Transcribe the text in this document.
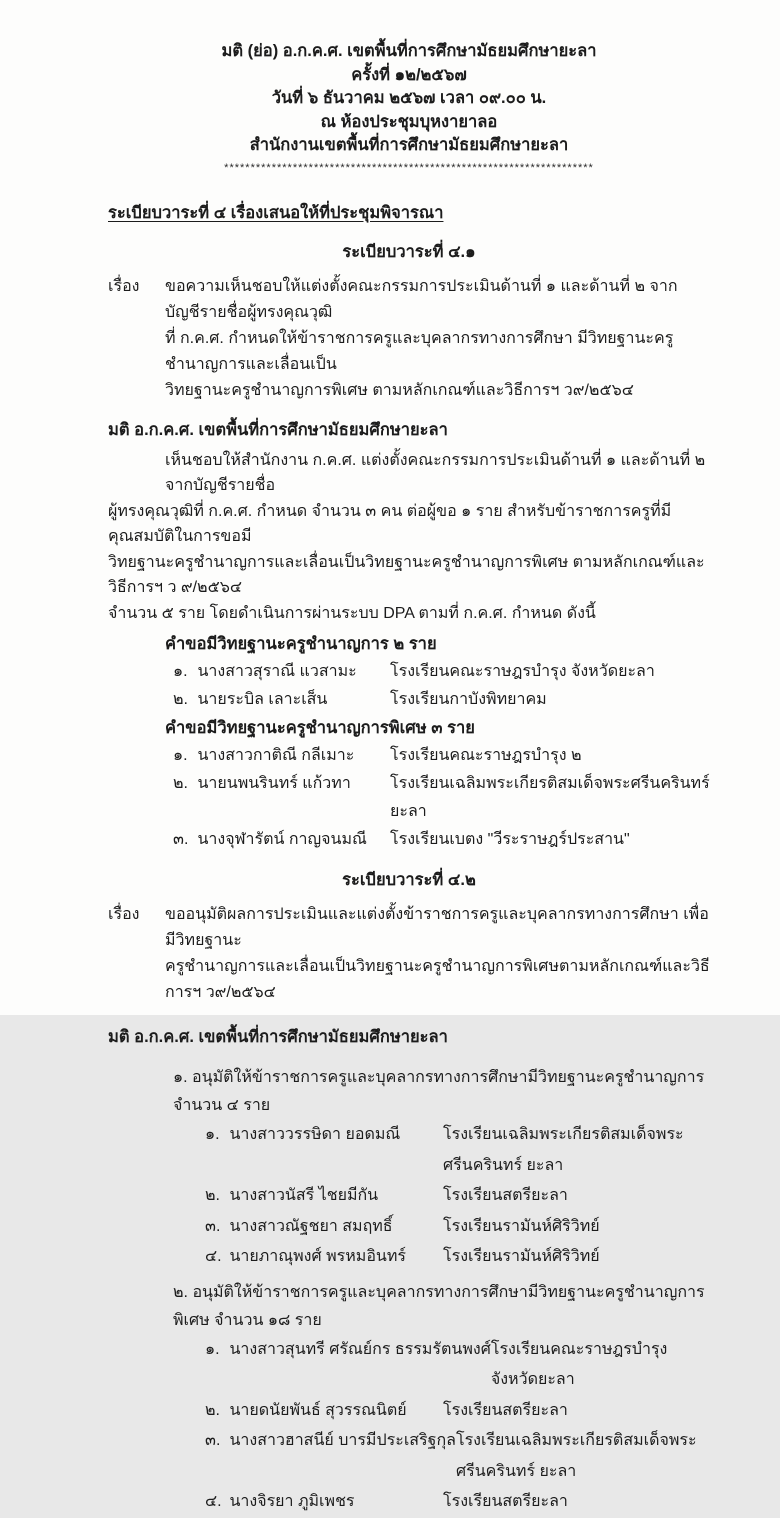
มติ (ย่อ) อ.ก.ค.ศ. เขตพื้นที่การศึกษามัธยมศึกษายะลา
ครั้งที่ ๑๒/๒๕๖๗
วันที่ ๖ ธันวาคม ๒๕๖๗ เวลา ๐๙.๐๐ น.
ณ ห้องประชุมบุหงายาลอ
สำนักงานเขตพื้นที่การศึกษามัธยมศึกษายะลา
**********************************************************************
ระเบียบวาระที่ ๔ เรื่องเสนอให้ที่ประชุมพิจารณา
ระเบียบวาระที่ ๔.๑
เรื่อง	ขอความเห็นชอบให้แต่งตั้งคณะกรรมการประเมินด้านที่ ๑ และด้านที่ ๒ จากบัญชีรายชื่อผู้ทรงคุณวุฒิ
ที่ ก.ค.ศ. กำหนดให้ข้าราชการครูและบุคลากรทางการศึกษา มีวิทยฐานะครูชำนาญการและเลื่อนเป็น
วิทยฐานะครูชำนาญการพิเศษ ตามหลักเกณฑ์และวิธีการฯ ว๙/๒๕๖๔
มติ อ.ก.ค.ศ. เขตพื้นที่การศึกษามัธยมศึกษายะลา
เห็นชอบให้สำนักงาน ก.ค.ศ. แต่งตั้งคณะกรรมการประเมินด้านที่ ๑ และด้านที่ ๒ จากบัญชีรายชื่อ
ผู้ทรงคุณวุฒิที่ ก.ค.ศ. กำหนด จำนวน ๓ คน ต่อผู้ขอ ๑ ราย สำหรับข้าราชการครูที่มีคุณสมบัติในการขอมี
วิทยฐานะครูชำนาญการและเลื่อนเป็นวิทยฐานะครูชำนาญการพิเศษ ตามหลักเกณฑ์และวิธีการฯ ว ๙/๒๕๖๔
จำนวน ๕ ราย โดยดำเนินการผ่านระบบ DPA ตามที่ ก.ค.ศ. กำหนด ดังนี้
คำขอมีวิทยฐานะครูชำนาญการ ๒ ราย
๑. นางสาวสุราณี แวสามะ	โรงเรียนคณะราษฎรบำรุง จังหวัดยะลา
๒. นายระบิล เลาะเส็น	โรงเรียนกาบังพิทยาคม
คำขอมีวิทยฐานะครูชำนาญการพิเศษ ๓ ราย
๑. นางสาวกาติณี กลีเมาะ	โรงเรียนคณะราษฎรบำรุง ๒
๒. นายนพนรินทร์ แก้วทา	โรงเรียนเฉลิมพระเกียรติสมเด็จพระศรีนครินทร์ ยะลา
๓. นางจุฬารัตน์ กาญจนมณี	โรงเรียนเบตง "วีระราษฎร์ประสาน"
ระเบียบวาระที่ ๔.๒
เรื่อง	ขออนุมัติผลการประเมินและแต่งตั้งข้าราชการครูและบุคลากรทางการศึกษา เพื่อมีวิทยฐานะ
ครูชำนาญการและเลื่อนเป็นวิทยฐานะครูชำนาญการพิเศษตามหลักเกณฑ์และวิธีการฯ ว๙/๒๕๖๔
มติ อ.ก.ค.ศ. เขตพื้นที่การศึกษามัธยมศึกษายะลา
๑. อนุมัติให้ข้าราชการครูและบุคลากรทางการศึกษามีวิทยฐานะครูชำนาญการ จำนวน ๔ ราย
๑. นางสาววรรษิดา ยอดมณี	โรงเรียนเฉลิมพระเกียรติสมเด็จพระศรีนครินทร์ ยะลา
๒. นางสาวนัสรี ไชยมีกัน	โรงเรียนสตรียะลา
๓. นางสาวณัฐชยา สมฤทธิ์	โรงเรียนรามันห์ศิริวิทย์
๔. นายภาณุพงศ์ พรหมอินทร์	โรงเรียนรามันห์ศิริวิทย์
๒. อนุมัติให้ข้าราชการครูและบุคลากรทางการศึกษามีวิทยฐานะครูชำนาญการพิเศษ จำนวน ๑๘ ราย
๑. นางสาวสุนทรี ศรัณย์กร ธรรมรัตนพงศ์ โรงเรียนคณะราษฎรบำรุง จังหวัดยะลา
๒. นายดนัยพันธ์ สุวรรณนิตย์	โรงเรียนสตรียะลา
๓. นางสาวฮาสนีย์ บารมีประเสริฐกุล โรงเรียนเฉลิมพระเกียรติสมเด็จพระศรีนครินทร์ ยะลา
๔. นางจิรยา ภูมิเพชร	โรงเรียนสตรียะลา
